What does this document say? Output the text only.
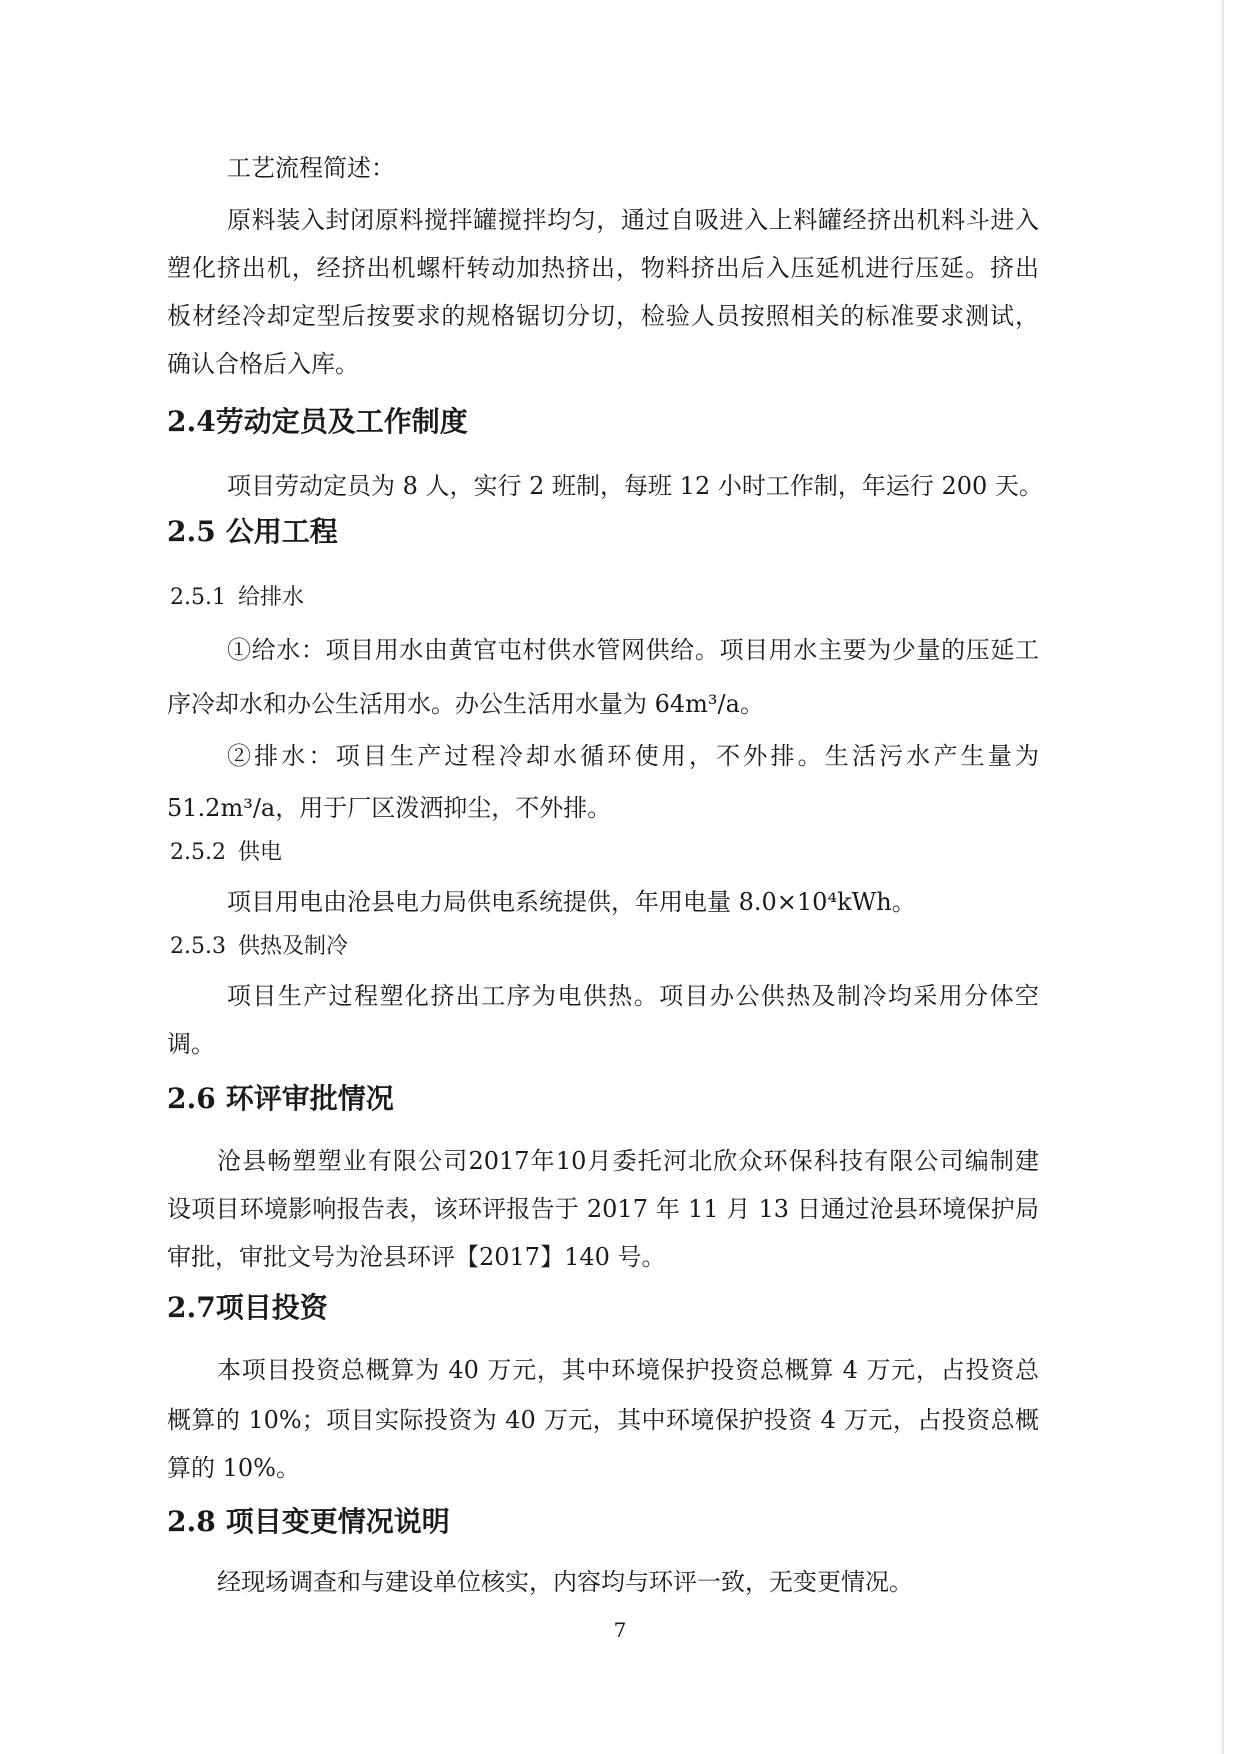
工艺流程简述：

原料装入封闭原料搅拌罐搅拌均匀，通过自吸进入上料罐经挤出机料斗进入

塑化挤出机，经挤出机螺杆转动加热挤出，物料挤出后入压延机进行压延。挤出

板材经冷却定型后按要求的规格锯切分切，检验人员按照相关的标准要求测试，

确认合格后入库。

2.4劳动定员及工作制度

项目劳动定员为 8 人，实行 2 班制，每班 12 小时工作制，年运行 200 天。

2.5 公用工程

2.5.1 给排水

①给水：项目用水由黄官屯村供水管网供给。项目用水主要为少量的压延工

序冷却水和办公生活用水。办公生活用水量为 64m³/a。

②排水：项目生产过程冷却水循环使用，不外排。生活污水产生量为

51.2m³/a，用于厂区泼洒抑尘，不外排。

2.5.2 供电

项目用电由沧县电力局供电系统提供，年用电量 8.0×10⁴kWh。

2.5.3 供热及制冷

项目生产过程塑化挤出工序为电供热。项目办公供热及制冷均采用分体空

调。

2.6 环评审批情况

沧县畅塑塑业有限公司2017年10月委托河北欣众环保科技有限公司编制建

设项目环境影响报告表，该环评报告于 2017 年 11 月 13 日通过沧县环境保护局

审批，审批文号为沧县环评【2017】140 号。

2.7项目投资

本项目投资总概算为 40 万元，其中环境保护投资总概算 4 万元，占投资总

概算的 10%；项目实际投资为 40 万元，其中环境保护投资 4 万元，占投资总概

算的 10%。

2.8 项目变更情况说明

经现场调查和与建设单位核实，内容均与环评一致，无变更情况。

7
